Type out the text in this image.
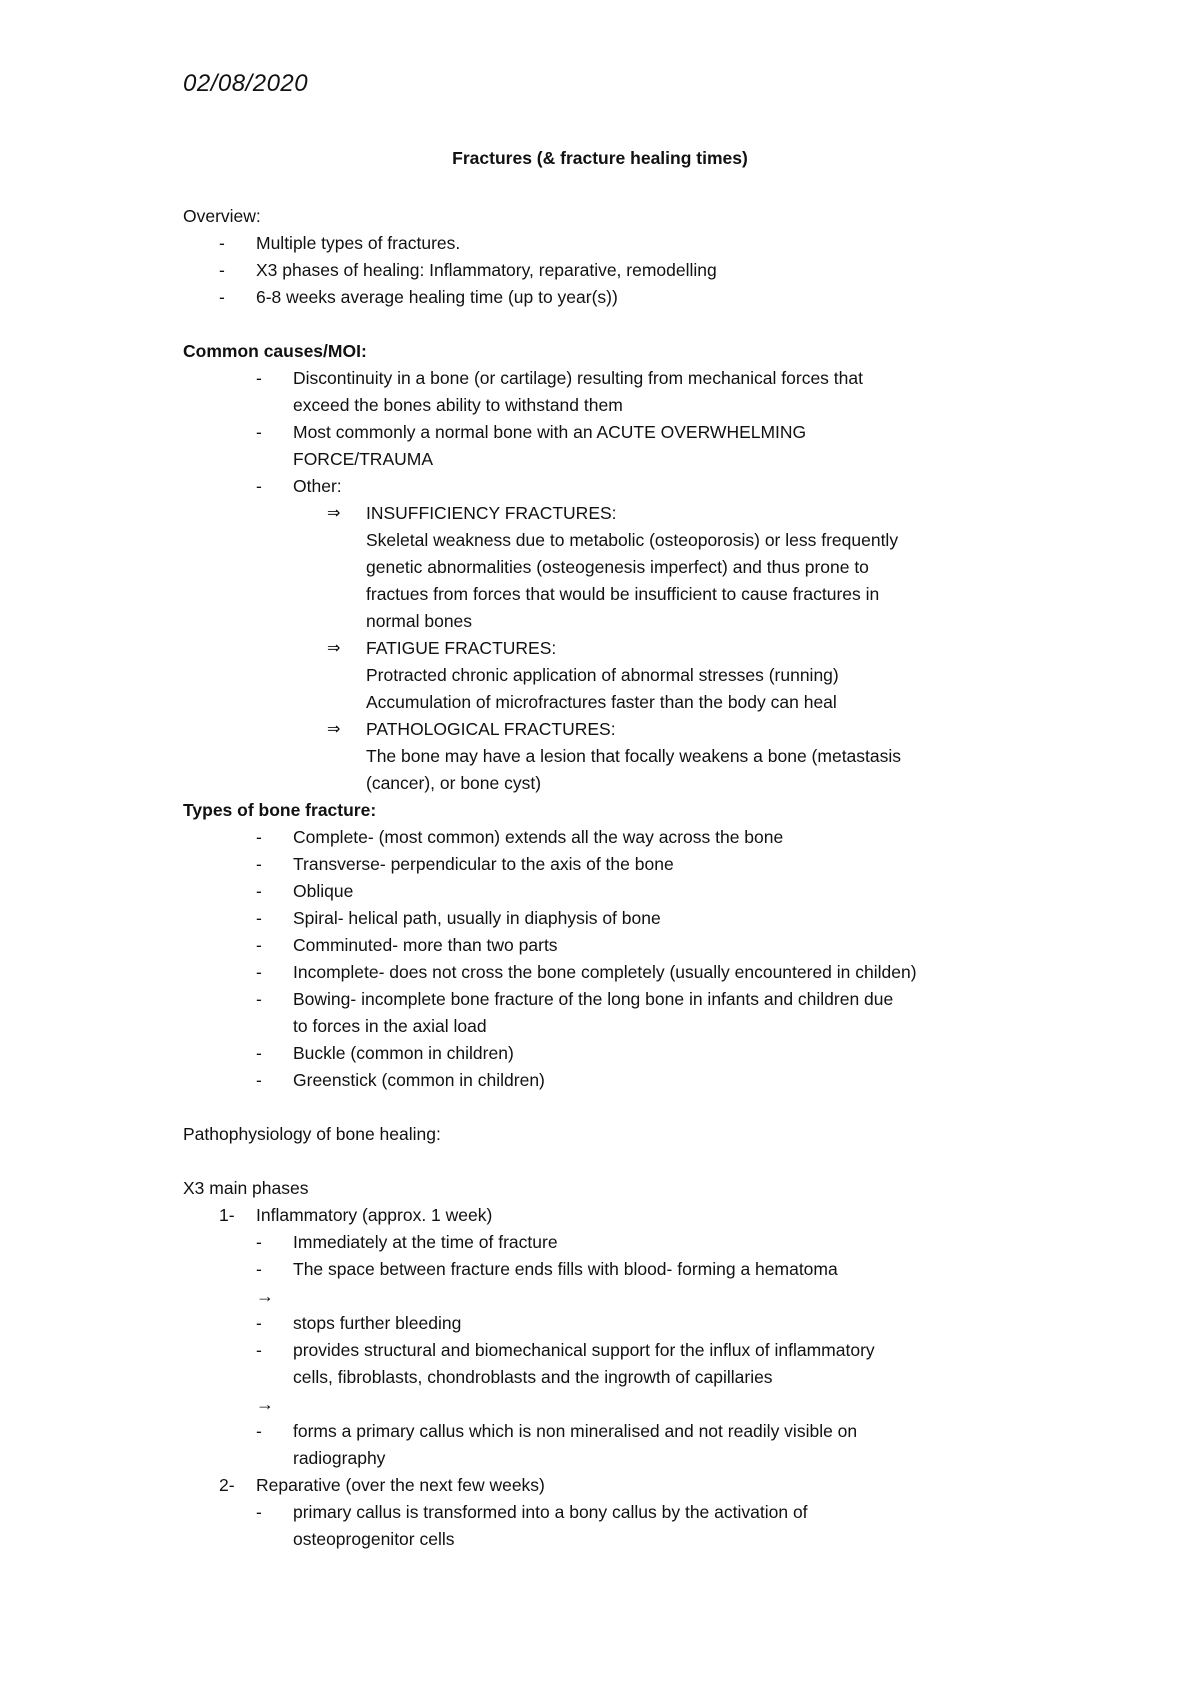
02/08/2020
Fractures (& fracture healing times)
Overview:
- Multiple types of fractures.
- X3 phases of healing: Inflammatory, reparative, remodelling
- 6-8 weeks average healing time (up to year(s))
Common causes/MOI:
- Discontinuity in a bone (or cartilage) resulting from mechanical forces that
exceed the bones ability to withstand them
- Most commonly a normal bone with an ACUTE OVERWHELMING
FORCE/TRAUMA
- Other:
⇒ INSUFFICIENCY FRACTURES:
Skeletal weakness due to metabolic (osteoporosis) or less frequently
genetic abnormalities (osteogenesis imperfect) and thus prone to
fractues from forces that would be insufficient to cause fractures in
normal bones
⇒ FATIGUE FRACTURES:
Protracted chronic application of abnormal stresses (running)
Accumulation of microfractures faster than the body can heal
⇒ PATHOLOGICAL FRACTURES:
The bone may have a lesion that focally weakens a bone (metastasis
(cancer), or bone cyst)
Types of bone fracture:
- Complete- (most common) extends all the way across the bone
- Transverse- perpendicular to the axis of the bone
- Oblique
- Spiral- helical path, usually in diaphysis of bone
- Comminuted- more than two parts
- Incomplete- does not cross the bone completely (usually encountered in childen)
- Bowing- incomplete bone fracture of the long bone in infants and children due
to forces in the axial load
- Buckle (common in children)
- Greenstick (common in children)
Pathophysiology of bone healing:
X3 main phases
1- Inflammatory (approx. 1 week)
- Immediately at the time of fracture
- The space between fracture ends fills with blood- forming a hematoma
→
- stops further bleeding
- provides structural and biomechanical support for the influx of inflammatory
cells, fibroblasts, chondroblasts and the ingrowth of capillaries
→
- forms a primary callus which is non mineralised and not readily visible on
radiography
2- Reparative (over the next few weeks)
- primary callus is transformed into a bony callus by the activation of
osteoprogenitor cells
